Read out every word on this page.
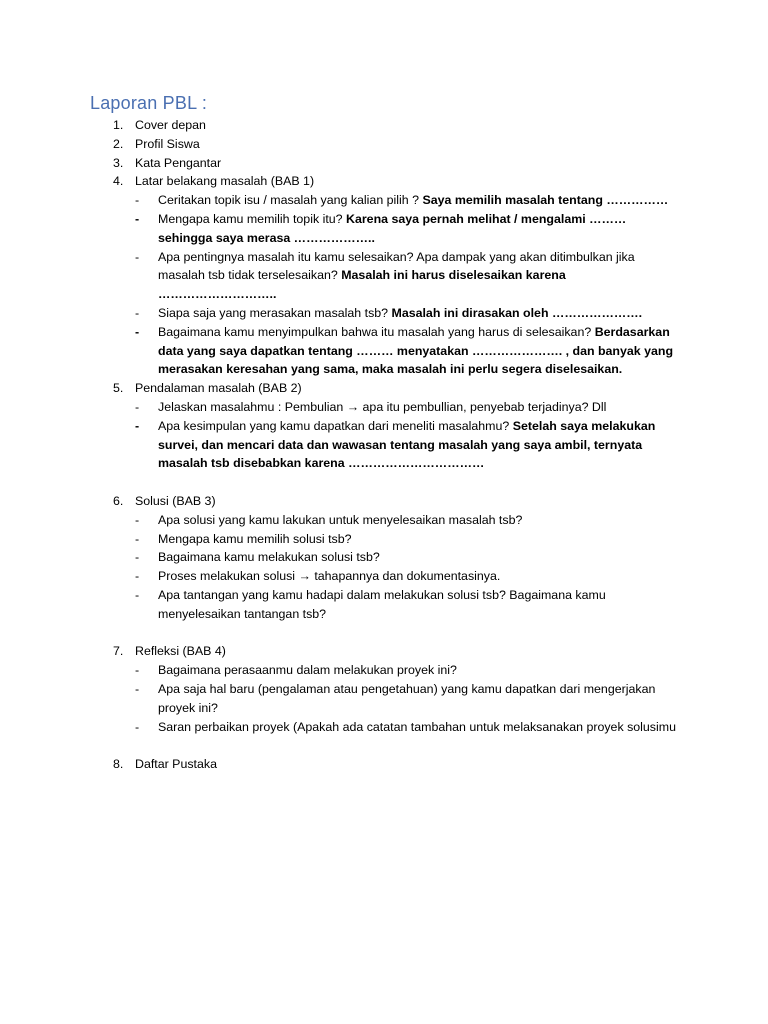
Laporan PBL :
1. Cover depan
2. Profil Siswa
3. Kata Pengantar
4. Latar belakang masalah (BAB 1)
-	Ceritakan topik isu / masalah yang kalian pilih ? Saya memilih masalah tentang ……………
-	Mengapa kamu memilih topik itu? Karena saya pernah melihat / mengalami ……… sehingga saya merasa ………………..
-	Apa pentingnya masalah itu kamu selesaikan? Apa dampak yang akan ditimbulkan jika masalah tsb tidak terselesaikan? Masalah ini harus diselesaikan karena ………………………..
-	Siapa saja yang merasakan masalah tsb? Masalah ini dirasakan oleh ………………….
-	Bagaimana kamu menyimpulkan bahwa itu masalah yang harus di selesaikan? Berdasarkan data yang saya dapatkan tentang ……… menyatakan …………………. , dan banyak yang merasakan keresahan yang sama, maka masalah ini perlu segera diselesaikan.
5. Pendalaman masalah (BAB 2)
-	Jelaskan masalahmu : Pembulian → apa itu pembullian, penyebab terjadinya? Dll
-	Apa kesimpulan yang kamu dapatkan dari meneliti masalahmu? Setelah saya melakukan survei, dan mencari data dan wawasan tentang masalah yang saya ambil, ternyata masalah tsb disebabkan karena ……………………………
6. Solusi (BAB 3)
-	Apa solusi yang kamu lakukan untuk menyelesaikan masalah tsb?
-	Mengapa kamu memilih solusi tsb?
-	Bagaimana kamu melakukan solusi tsb?
-	Proses melakukan solusi → tahapannya dan dokumentasinya.
-	Apa tantangan yang kamu hadapi dalam melakukan solusi tsb? Bagaimana kamu menyelesaikan tantangan tsb?
7. Refleksi (BAB 4)
-	Bagaimana perasaanmu dalam melakukan proyek ini?
-	Apa saja hal baru (pengalaman atau pengetahuan) yang kamu dapatkan dari mengerjakan proyek ini?
-	Saran perbaikan proyek (Apakah ada catatan tambahan untuk melaksanakan proyek solusimu
8. Daftar Pustaka
